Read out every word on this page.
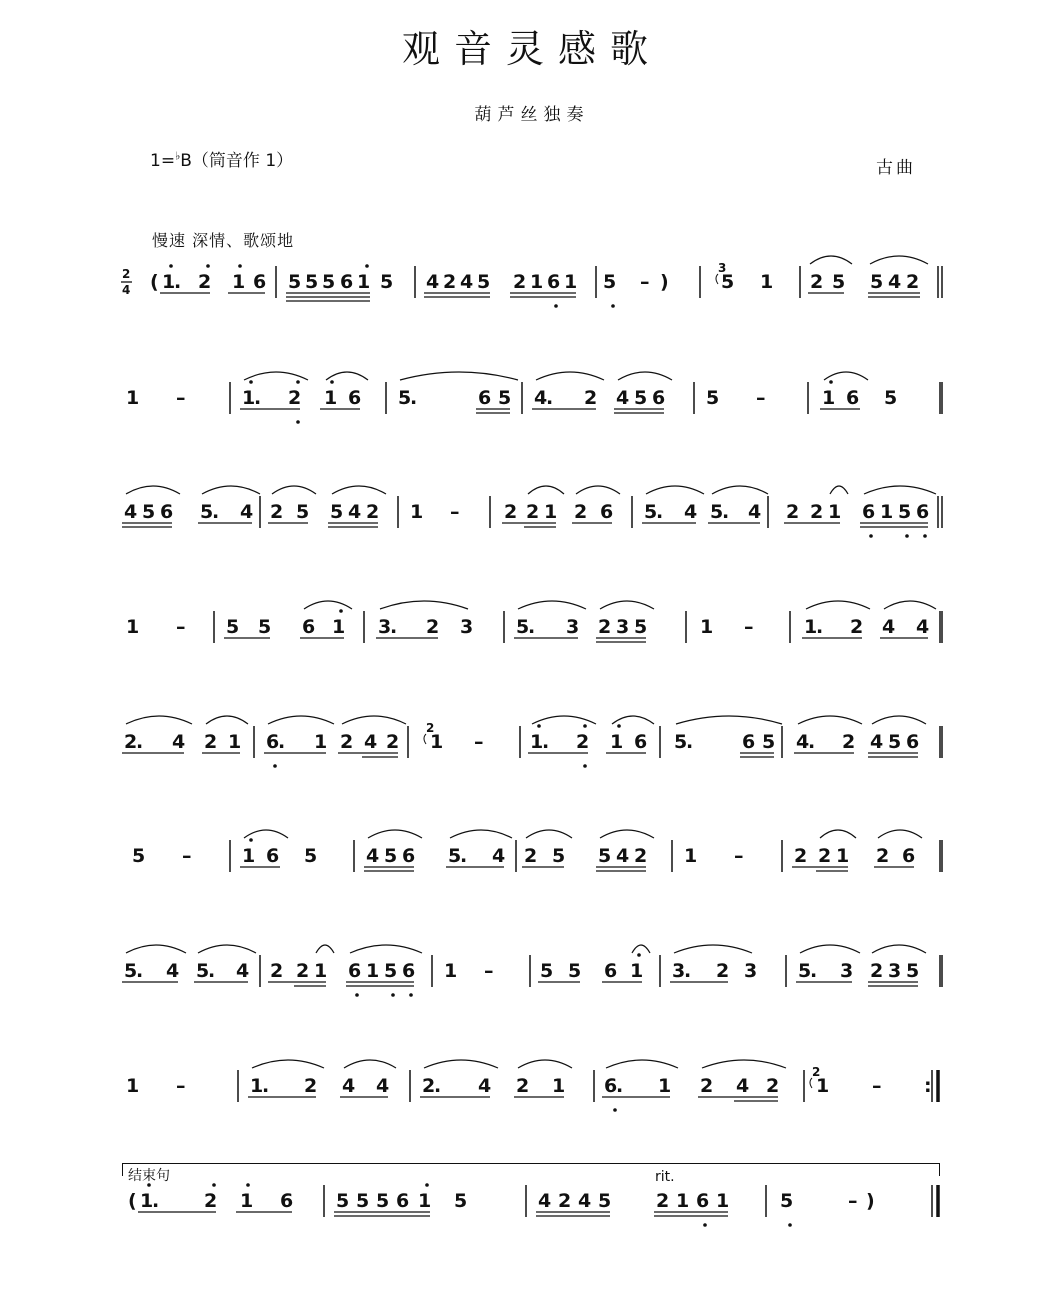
观音灵感歌
葫芦丝独奏
1=♭B（筒音作 1）	古曲
慢速 深情、歌颂地
( 1
. 2 1 6 5 5 5 6 1 5 4 2 4 5 2 1 6 1 5 – )	5 1 2 5 5 4 2
3
2
4
1 –	1
. 2 1 6 5
.	6 5 4
. 2 4 5 6 5 –	1 6 5
4 5 6 5
. 4 2 5 5 4 2 1 – 2 2 1 2 6 5
. 4 5
. 4 2 2 1 6 1 5 6
1 – 5 5 6 1 3
. 2 3 5
. 3 2 3 5	1 –	1
. 2 4 4
2
. 4 2 1 6
. 1 2 4 2 1 – 1
. 2 1 6 5
.	6 5 4
. 2 4 5 6
2
5 –	1 6 5	4 5 6 5
. 4 2 5 5 4 2 1 –	2 2 1 2 6
5
. 4 5
. 4 2 2 1 6 1 5 6 1 – 5 5 6 1 3
. 2 3 5
. 3 2 3 5
1 –	1
. 2 4 4 2
. 4 2 1 6
. 1 2 4 2 1 – :
2
( 1
. 2 1 6 5 5 5 6 1 5	4 2 4 5 2 1 6 1	5	– )
结束句	rit.
